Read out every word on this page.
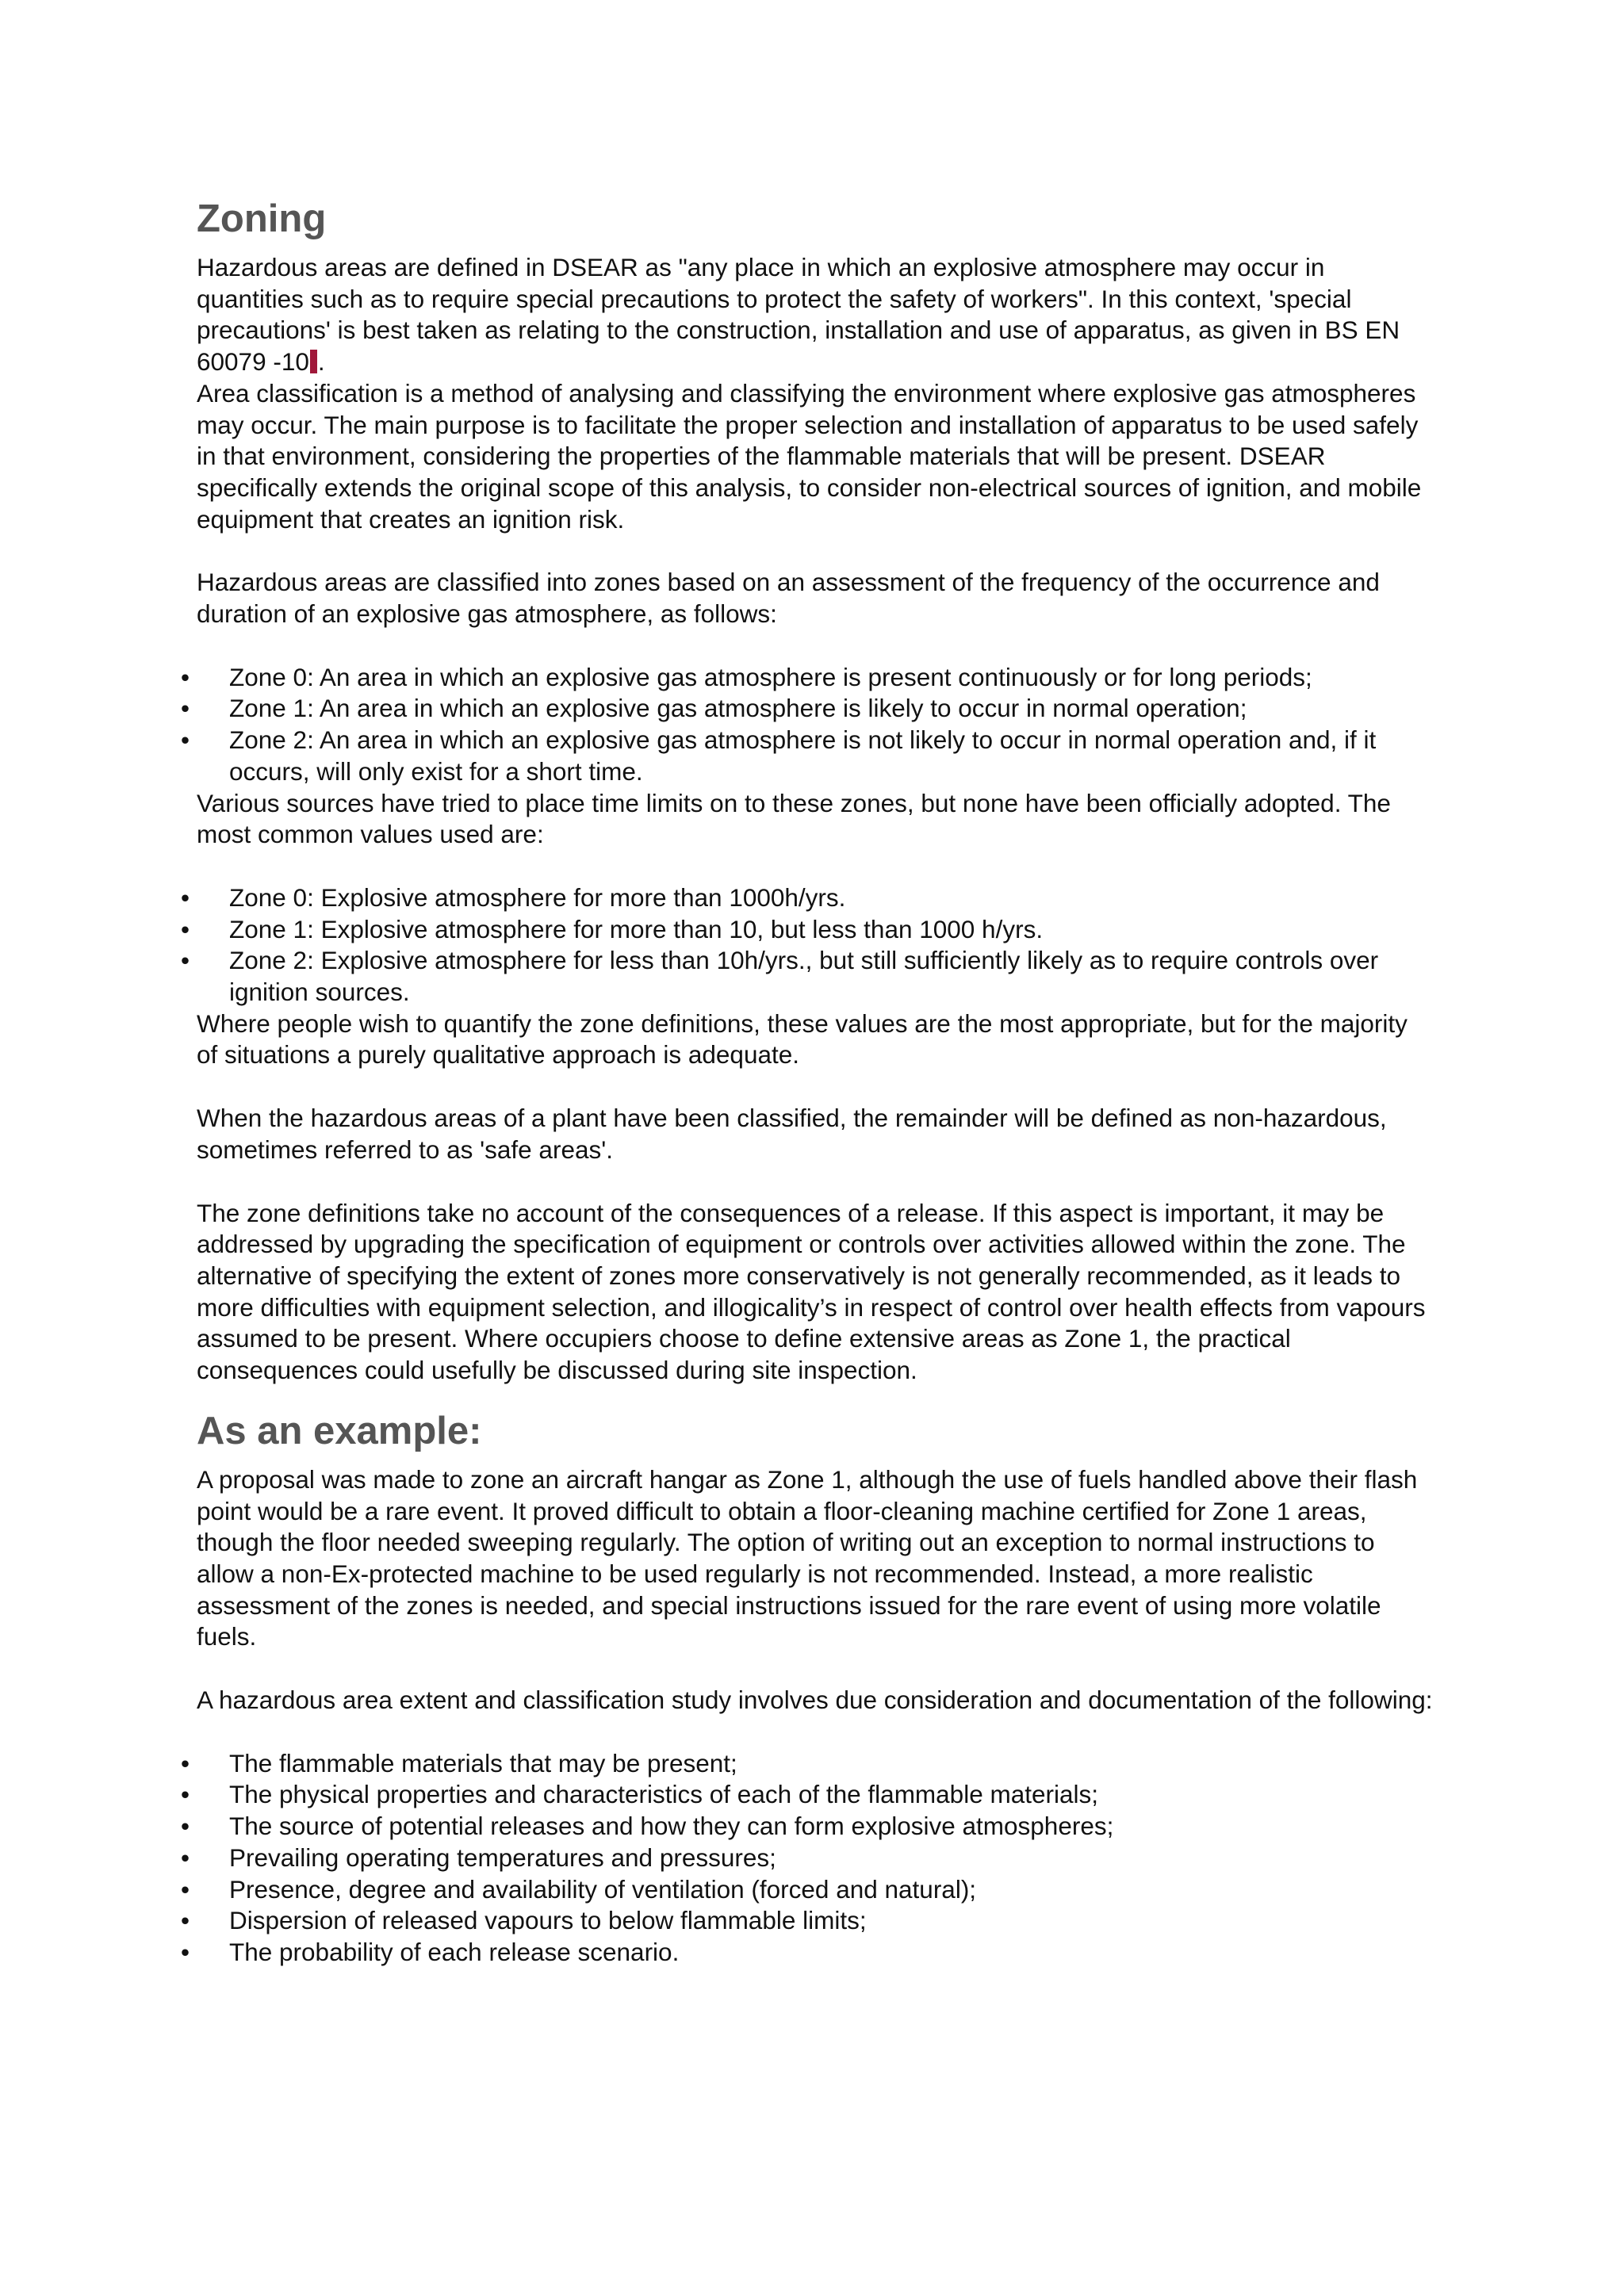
Zoning

Hazardous areas are defined in DSEAR as "any place in which an explosive atmosphere may occur in quantities such as to require special precautions to protect the safety of workers". In this context, 'special precautions' is best taken as relating to the construction, installation and use of apparatus, as given in BS EN 60079 -10 .

Area classification is a method of analysing and classifying the environment where explosive gas atmospheres may occur. The main purpose is to facilitate the proper selection and installation of apparatus to be used safely in that environment, considering the properties of the flammable materials that will be present. DSEAR specifically extends the original scope of this analysis, to consider non-electrical sources of ignition, and mobile equipment that creates an ignition risk.

Hazardous areas are classified into zones based on an assessment of the frequency of the occurrence and duration of an explosive gas atmosphere, as follows:

• Zone 0: An area in which an explosive gas atmosphere is present continuously or for long periods;
• Zone 1: An area in which an explosive gas atmosphere is likely to occur in normal operation;
• Zone 2: An area in which an explosive gas atmosphere is not likely to occur in normal operation and, if it occurs, will only exist for a short time.

Various sources have tried to place time limits on to these zones, but none have been officially adopted. The most common values used are:

• Zone 0: Explosive atmosphere for more than 1000h/yrs.
• Zone 1: Explosive atmosphere for more than 10, but less than 1000 h/yrs.
• Zone 2: Explosive atmosphere for less than 10h/yrs., but still sufficiently likely as to require controls over ignition sources.

Where people wish to quantify the zone definitions, these values are the most appropriate, but for the majority of situations a purely qualitative approach is adequate.

When the hazardous areas of a plant have been classified, the remainder will be defined as non-hazardous, sometimes referred to as 'safe areas'.

The zone definitions take no account of the consequences of a release. If this aspect is important, it may be addressed by upgrading the specification of equipment or controls over activities allowed within the zone. The alternative of specifying the extent of zones more conservatively is not generally recommended, as it leads to more difficulties with equipment selection, and illogicality’s in respect of control over health effects from vapours assumed to be present. Where occupiers choose to define extensive areas as Zone 1, the practical consequences could usefully be discussed during site inspection.

As an example:

A proposal was made to zone an aircraft hangar as Zone 1, although the use of fuels handled above their flash point would be a rare event. It proved difficult to obtain a floor-cleaning machine certified for Zone 1 areas, though the floor needed sweeping regularly. The option of writing out an exception to normal instructions to allow a non-Ex-protected machine to be used regularly is not recommended. Instead, a more realistic assessment of the zones is needed, and special instructions issued for the rare event of using more volatile fuels.

A hazardous area extent and classification study involves due consideration and documentation of the following:

• The flammable materials that may be present;
• The physical properties and characteristics of each of the flammable materials;
• The source of potential releases and how they can form explosive atmospheres;
• Prevailing operating temperatures and pressures;
• Presence, degree and availability of ventilation (forced and natural);
• Dispersion of released vapours to below flammable limits;
• The probability of each release scenario.
